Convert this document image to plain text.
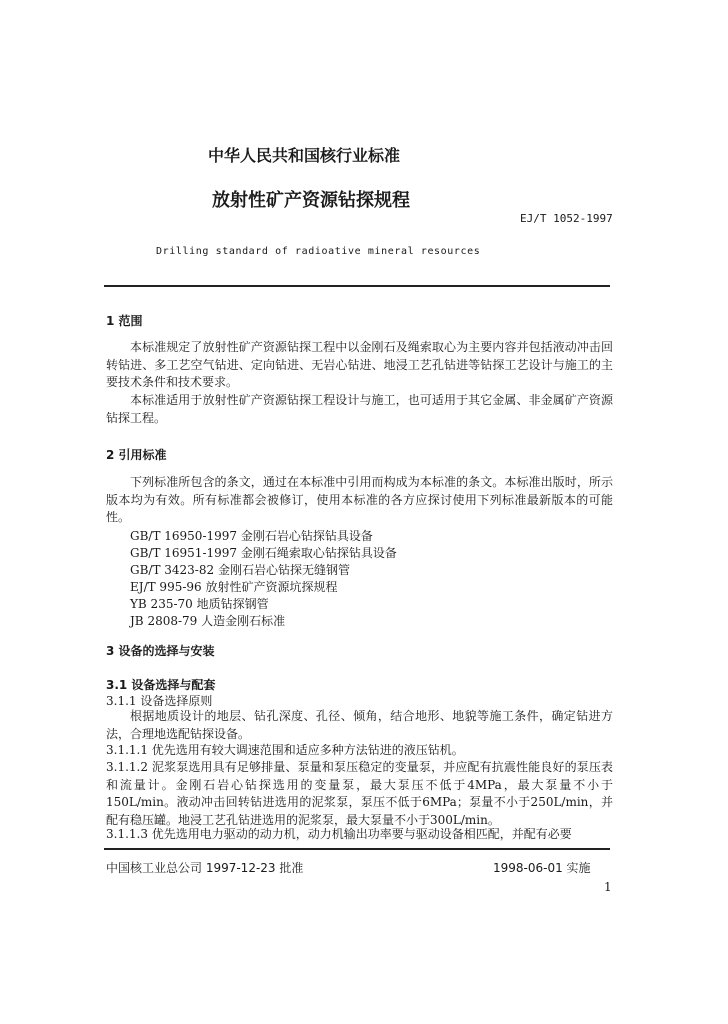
中华人民共和国核行业标准
放射性矿产资源钻探规程
EJ/T 1052-1997
Drilling standard of radioative mineral resources
1 范围
本标准规定了放射性矿产资源钻探工程中以金刚石及绳索取心为主要内容并包括液动冲击回转钻进、多工艺空气钻进、定向钻进、无岩心钻进、地浸工艺孔钻进等钻探工艺设计与施工的主要技术条件和技术要求。
本标准适用于放射性矿产资源钻探工程设计与施工，也可适用于其它金属、非金属矿产资源钻探工程。
2 引用标准
下列标准所包含的条文，通过在本标准中引用而构成为本标准的条文。本标准出版时，所示版本均为有效。所有标准都会被修订，使用本标准的各方应探讨使用下列标准最新版本的可能性。
GB/T 16950-1997 金刚石岩心钻探钻具设备
GB/T 16951-1997 金刚石绳索取心钻探钻具设备
GB/T 3423-82 金刚石岩心钻探无缝钢管
EJ/T 995-96 放射性矿产资源坑探规程
YB 235-70 地质钻探钢管
JB 2808-79 人造金刚石标准
3 设备的选择与安装
3.1 设备选择与配套
3.1.1 设备选择原则
根据地质设计的地层、钻孔深度、孔径、倾角，结合地形、地貌等施工条件，确定钻进方法，合理地选配钻探设备。
3.1.1.1 优先选用有较大调速范围和适应多种方法钻进的液压钻机。
3.1.1.2 泥浆泵选用具有足够排量、泵量和泵压稳定的变量泵，并应配有抗震性能良好的泵压表和流量计。金刚石岩心钻探选用的变量泵，最大泵压不低于4MPa，最大泵量不小于150L/min。液动冲击回转钻进选用的泥浆泵，泵压不低于6MPa；泵量不小于250L/min，并配有稳压罐。地浸工艺孔钻进选用的泥浆泵，最大泵量不小于300L/min。
3.1.1.3 优先选用电力驱动的动力机，动力机输出功率要与驱动设备相匹配，并配有必要
中国核工业总公司 1997-12-23 批准	1998-06-01 实施
1
